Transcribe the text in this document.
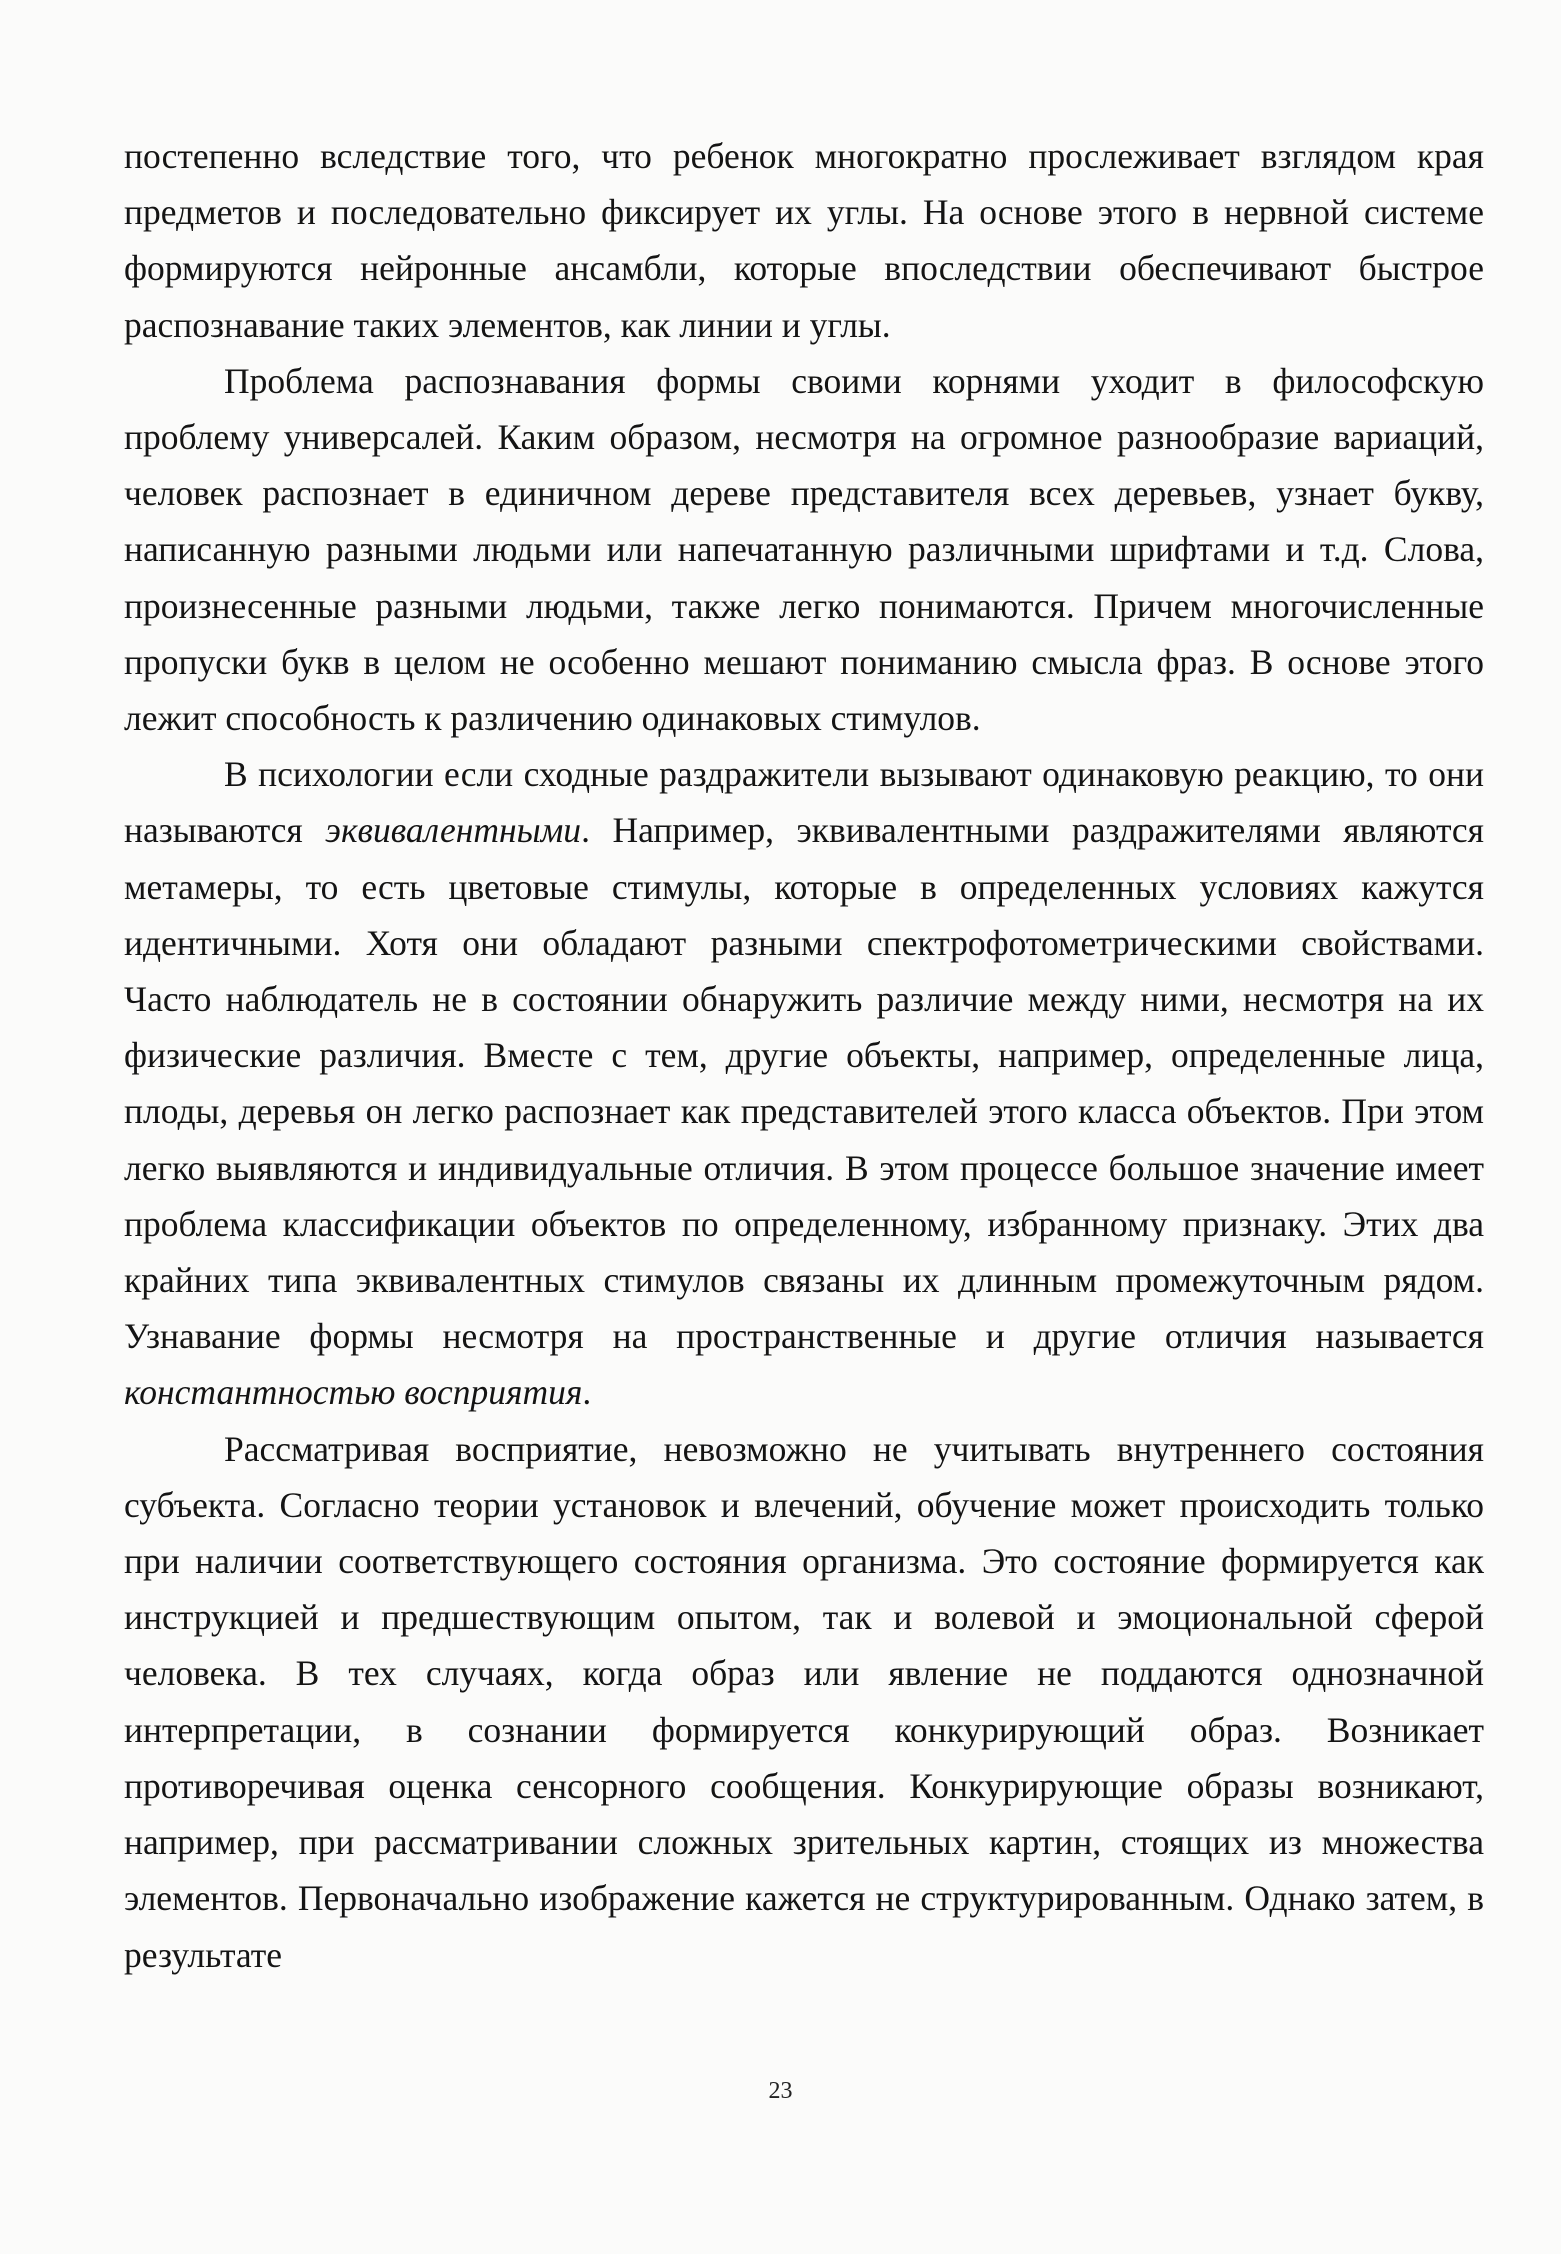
постепенно вследствие того, что ребенок многократно прослеживает взглядом края предметов и последовательно фиксирует их углы. На основе этого в нервной системе формируются нейронные ансамбли, которые впоследствии обеспечивают быстрое распознавание таких элементов, как линии и углы.

Проблема распознавания формы своими корнями уходит в философскую проблему универсалей. Каким образом, несмотря на огромное разнообразие вариаций, человек распознает в единичном дереве представителя всех деревьев, узнает букву, написанную разными людьми или напечатанную различными шрифтами и т.д. Слова, произнесенные разными людьми, также легко понимаются. Причем многочисленные пропуски букв в целом не особенно мешают пониманию смысла фраз. В основе этого лежит способность к различению одинаковых стимулов.

В психологии если сходные раздражители вызывают одинаковую реакцию, то они называются эквивалентными. Например, эквивалентными раздражителями являются метамеры, то есть цветовые стимулы, которые в определенных условиях кажутся идентичными. Хотя они обладают разными спектрофотометрическими свойствами. Часто наблюдатель не в состоянии обнаружить различие между ними, несмотря на их физические различия. Вместе с тем, другие объекты, например, определенные лица, плоды, деревья он легко распознает как представителей этого класса объектов. При этом легко выявляются и индивидуальные отличия. В этом процессе большое значение имеет проблема классификации объектов по определенному, избранному признаку. Этих два крайних типа эквивалентных стимулов связаны их длинным промежуточным рядом. Узнавание формы несмотря на пространственные и другие отличия называется константностью восприятия.

Рассматривая восприятие, невозможно не учитывать внутреннего состояния субъекта. Согласно теории установок и влечений, обучение может происходить только при наличии соответствующего состояния организма. Это состояние формируется как инструкцией и предшествующим опытом, так и волевой и эмоциональной сферой человека. В тех случаях, когда образ или явление не поддаются однозначной интерпретации, в сознании формируется конкурирующий образ. Возникает противоречивая оценка сенсорного сообщения. Конкурирующие образы возникают, например, при рассматривании сложных зрительных картин, стоящих из множества элементов. Первоначально изображение кажется не структурированным. Однако затем, в результате

23
